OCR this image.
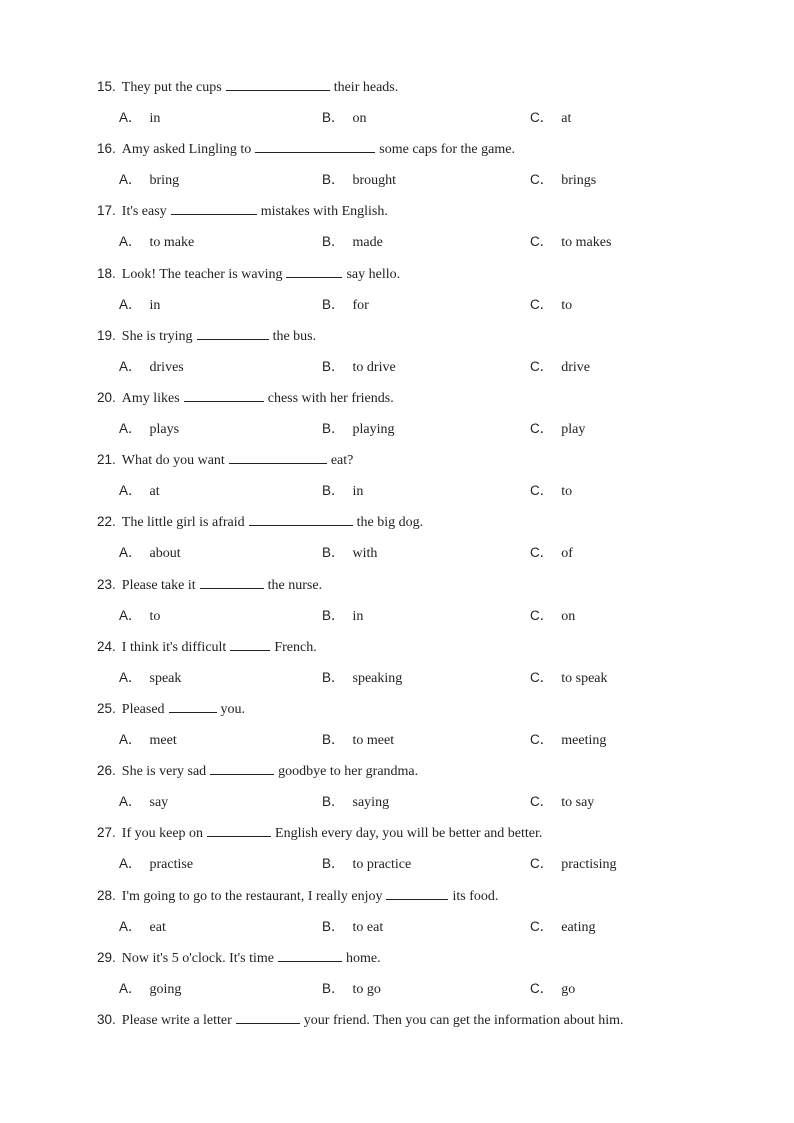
15. They put the cups	their heads.
A． in	B． on	C． at
16. Amy asked Lingling to	some caps for the game.
A． bring	B． brought	C． brings
17. It's easy	mistakes with English.
A． to make	B． made	C． to makes
18. Look! The teacher is waving	say hello.
A． in	B． for	C． to
19. She is trying	the bus.
A． drives	B． to drive	C． drive
20. Amy likes	chess with her friends.
A． plays	B． playing	C． play
21. What do you want	eat?
A． at	B． in	C． to
22. The little girl is afraid	the big dog.
A． about	B． with	C． of
23. Please take it	the nurse.
A． to	B． in	C． on
24. I think it's difficult	French.
A． speak	B． speaking	C． to speak
25. Pleased	you.
A． meet	B． to meet	C． meeting
26. She is very sad	goodbye to her grandma.
A． say	B． saying	C． to say
27. If you keep on	English every day, you will be better and better.
A． practise	B． to practice	C． practising
28. I'm going to go to the restaurant, I really enjoy	its food.
A． eat	B． to eat	C． eating
29. Now it's 5 o'clock. It's time	home.
A． going	B． to go	C． go
30. Please write a letter	your friend. Then you can get the information about him.
